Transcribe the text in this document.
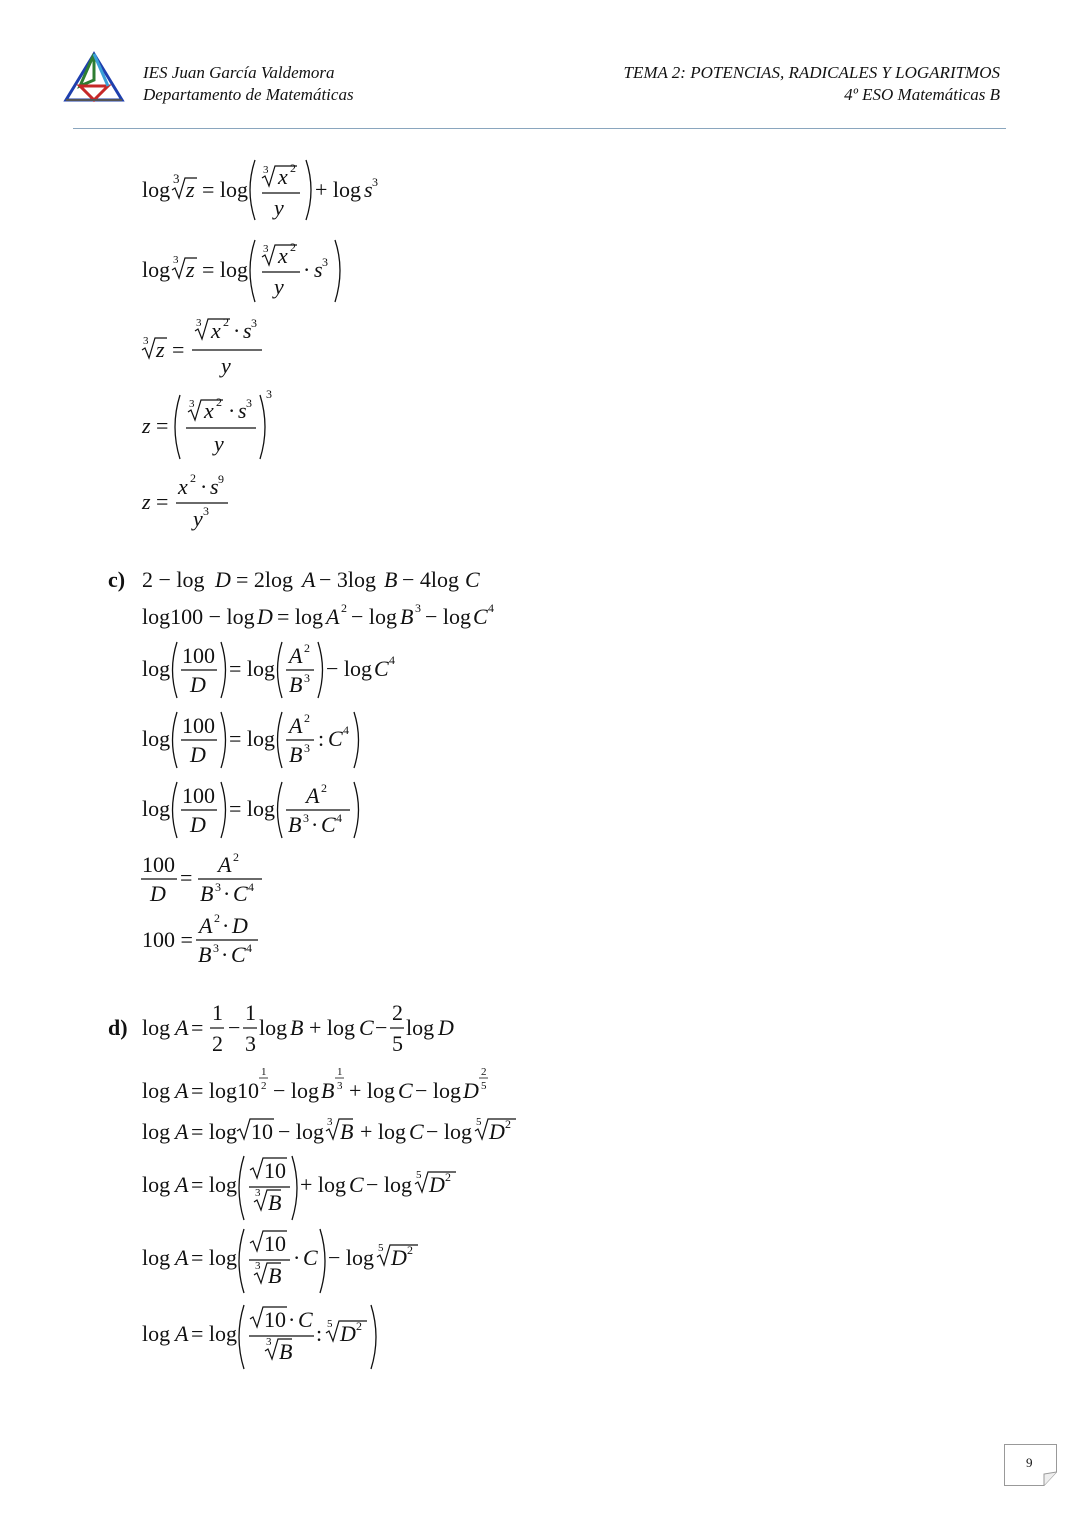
IES Juan García Valdemora
Departamento de Matemáticas
TEMA 2: POTENCIAS, RADICALES Y LOGARITMOS
4º ESO Matemáticas B
log 3 z = log
3 x 2
y
+ log s 3
log 3 z = log
3 x 2
y
· s 3
3 z =
3 x 2 · s 3
y
z =
3 x 2 · s 3
y
3
z =
x 2 · s 9
y 3
c) 2 − log D = 2log A − 3log B − 4log C
log100 − log D = log A 2 − log B 3 − log C 4
log
100
D
= log
A 2
B 3 − log C 4
log
100
D
= log
A 2
B 3 : C 4
log
100
D
= log
A 2
B 3 · C 4
100
D
=
A 2
B 3 · C 4
100 =
A 2 · D
B 3 · C 4
d) log A =
1
2
−
1
3
log B + log C −
2
5
log D
log A = log10
1
2 − log B
1
3 + log C − log D
2
5
log A = log 10 − log 3 B + log C − log 5 D 2
log A = log
10
3 B
+ log C − log 5 D 2
log A = log
10
3 B
· C − log 5 D 2
log A = log
10 · C
3 B
: 5 D 2
9
